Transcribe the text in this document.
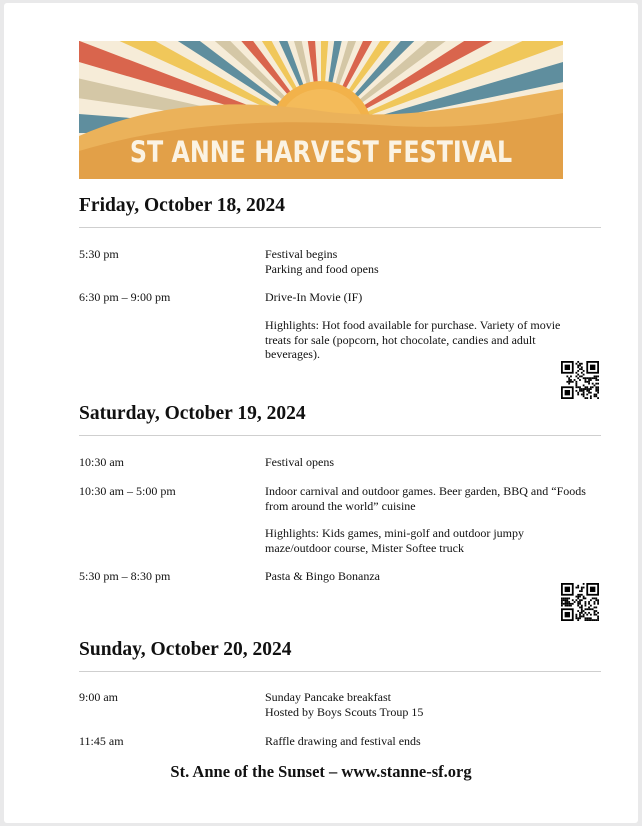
ST ANNE HARVEST FESTIVAL
Friday, October 18, 2024
5:30 pm	Festival begins
Parking and food opens
6:30 pm – 9:00 pm	Drive-In Movie (IF)
Highlights: Hot food available for purchase. Variety of movie
treats for sale (popcorn, hot chocolate, candies and adult
beverages).
Saturday, October 19, 2024
10:30 am	Festival opens
10:30 am – 5:00 pm	Indoor carnival and outdoor games. Beer garden, BBQ and “Foods
from around the world” cuisine
Highlights: Kids games, mini-golf and outdoor jumpy
maze/outdoor course, Mister Softee truck
5:30 pm – 8:30 pm	Pasta & Bingo Bonanza
Sunday, October 20, 2024
9:00 am	Sunday Pancake breakfast
Hosted by Boys Scouts Troup 15
11:45 am	Raffle drawing and festival ends
St. Anne of the Sunset – www.stanne-sf.org
